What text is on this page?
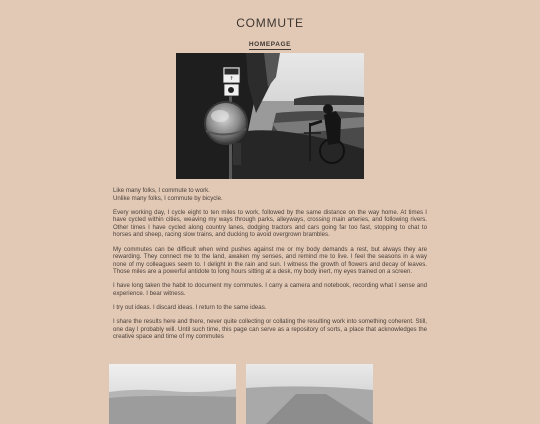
COMMUTE
HOMEPAGE
↑

Like many folks, I commute to work.
Unlike many folks, I commute by bicycle.

Every working day, I cycle eight to ten miles to work, followed by the same distance on the way home. At times I have cycled within cities, weaving my ways through parks, alleyways, crossing main arteries, and following rivers. Other times I have cycled along country lanes, dodging tractors and cars going far too fast, stopping to chat to horses and sheep, racing slow trains, and ducking to avoid overgrown brambles.

My commutes can be difficult when wind pushes against me or my body demands a rest, but always they are rewarding. They connect me to the land, awaken my senses, and remind me to live. I feel the seasons in a way none of my colleagues seem to. I delight in the rain and sun. I witness the growth of flowers and decay of leaves. Those miles are a powerful antidote to long hours sitting at a desk, my body inert, my eyes trained on a screen.

I have long taken the habit to document my commutes. I carry a camera and notebook, recording what I sense and experience. I bear witness.

I try out ideas. I discard ideas. I return to the same ideas.

I share the results here and there, never quite collecting or collating the resulting work into something coherent. Still, one day I probably will. Until such time, this page can serve as a repository of sorts, a place that acknowledges the creative space and time of my commutes
